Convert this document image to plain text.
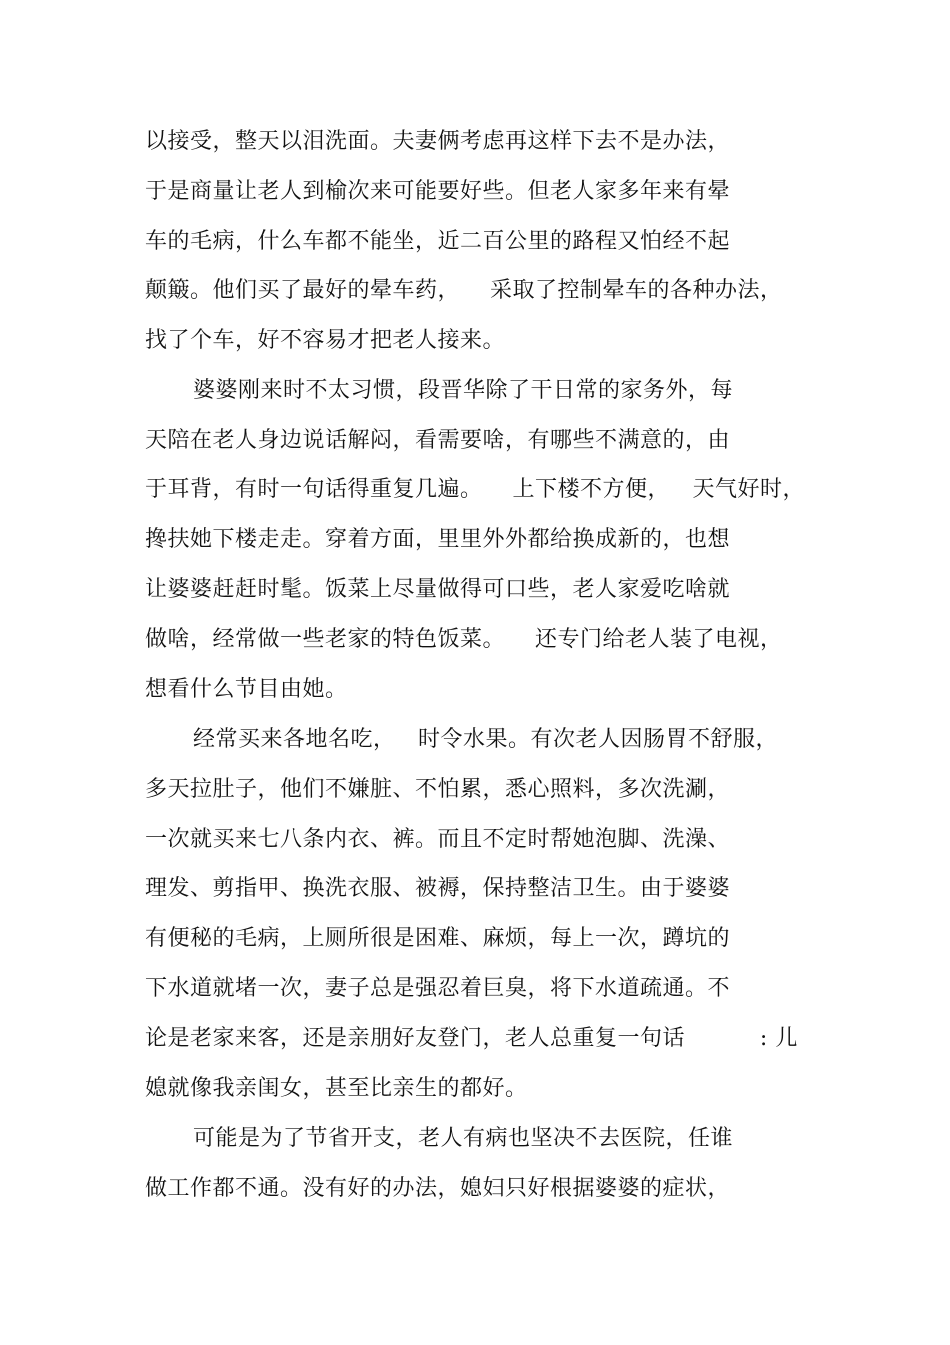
以接受，整天以泪洗面。夫妻俩考虑再这样下去不是办法，
于是商量让老人到榆次来可能要好些。但老人家多年来有晕
车的毛病，什么车都不能坐，近二百公里的路程又怕经不起
颠簸。他们买了最好的晕车药，    采取了控制晕车的各种办法，
找了个车，好不容易才把老人接来。
婆婆刚来时不太习惯，段晋华除了干日常的家务外，每
天陪在老人身边说话解闷，看需要啥，有哪些不满意的，由
于耳背，有时一句话得重复几遍。    上下楼不方便，   天气好时，
搀扶她下楼走走。穿着方面，里里外外都给换成新的，也想
让婆婆赶赶时髦。饭菜上尽量做得可口些，老人家爱吃啥就
做啥，经常做一些老家的特色饭菜。    还专门给老人装了电视，
想看什么节目由她。
经常买来各地名吃，   时令水果。有次老人因肠胃不舒服，
多天拉肚子，他们不嫌脏、不怕累，悉心照料，多次洗涮，
一次就买来七八条内衣、裤。而且不定时帮她泡脚、洗澡、
理发、剪指甲、换洗衣服、被褥，保持整洁卫生。由于婆婆
有便秘的毛病，上厕所很是困难、麻烦，每上一次，蹲坑的
下水道就堵一次，妻子总是强忍着巨臭，将下水道疏通。不
论是老家来客，还是亲朋好友登门，老人总重复一句话          : 儿
媳就像我亲闺女，甚至比亲生的都好。
可能是为了节省开支，老人有病也坚决不去医院，任谁
做工作都不通。没有好的办法，媳妇只好根据婆婆的症状，
